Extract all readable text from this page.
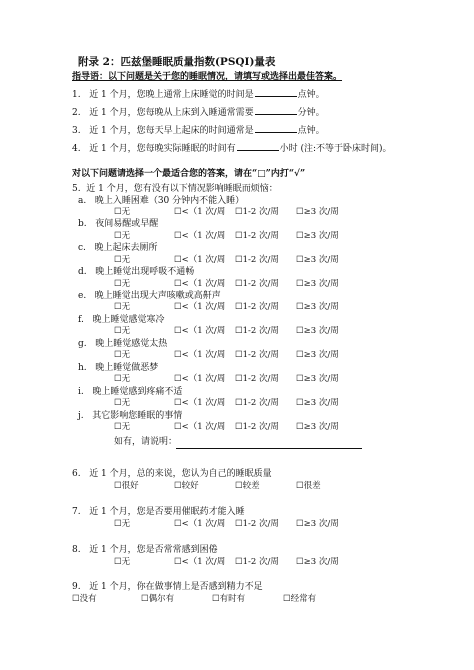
附录 2：匹兹堡睡眠质量指数(PSQI)量表
指导语：以下问题是关于您的睡眠情况，请填写或选择出最佳答案。
1. 近 1 个月，您晚上通常上床睡觉的时间是	点钟。
2. 近 1 个月，您每晚从上床到入睡通常需要	分钟。
3. 近 1 个月，您每天早上起床的时间通常是	点钟。
4. 近 1 个月，您每晚实际睡眠的时间有	小时 (注:不等于卧床时间)。
对以下问题请选择一个最适合您的答案，请在“□”内打“√”
5.  近 1 个月，您有没有以下情况影响睡眠而烦恼：
a. 晚上入睡困难（30 分钟内不能入睡）
☐无	☐<（1 次/周 ☐1-2 次/周 ☐≥3 次/周
b. 夜间易醒或早醒
☐无	☐<（1 次/周 ☐1-2 次/周 ☐≥3 次/周
c. 晚上起床去厕所
☐无	☐<（1 次/周 ☐1-2 次/周 ☐≥3 次/周
d. 晚上睡觉出现呼吸不通畅
☐无	☐<（1 次/周 ☐1-2 次/周 ☐≥3 次/周
e. 晚上睡觉出现大声咳嗽或高鼾声
☐无	☐<（1 次/周 ☐1-2 次/周 ☐≥3 次/周
f. 晚上睡觉感觉寒冷
☐无	☐<（1 次/周 ☐1-2 次/周 ☐≥3 次/周
g. 晚上睡觉感觉太热
☐无	☐<（1 次/周 ☐1-2 次/周 ☐≥3 次/周
h. 晚上睡觉做恶梦
☐无	☐<（1 次/周 ☐1-2 次/周 ☐≥3 次/周
i. 晚上睡觉感到疼痛不适
☐无	☐<（1 次/周 ☐1-2 次/周 ☐≥3 次/周
j. 其它影响您睡眠的事情
☐无	☐<（1 次/周 ☐1-2 次/周 ☐≥3 次/周
如有，请说明：
6. 近 1 个月，总的来说，您认为自己的睡眠质量
☐很好	☐较好	☐较差	☐很差
7. 近 1 个月，您是否要用催眠药才能入睡
☐无	☐<（1 次/周 ☐1-2 次/周 ☐≥3 次/周
8. 近 1 个月，您是否常常感到困倦
☐无	☐<（1 次/周 ☐1-2 次/周 ☐≥3 次/周
9. 近 1 个月，你在做事情上是否感到精力不足
☐没有	☐偶尔有	☐有时有	☐经常有
